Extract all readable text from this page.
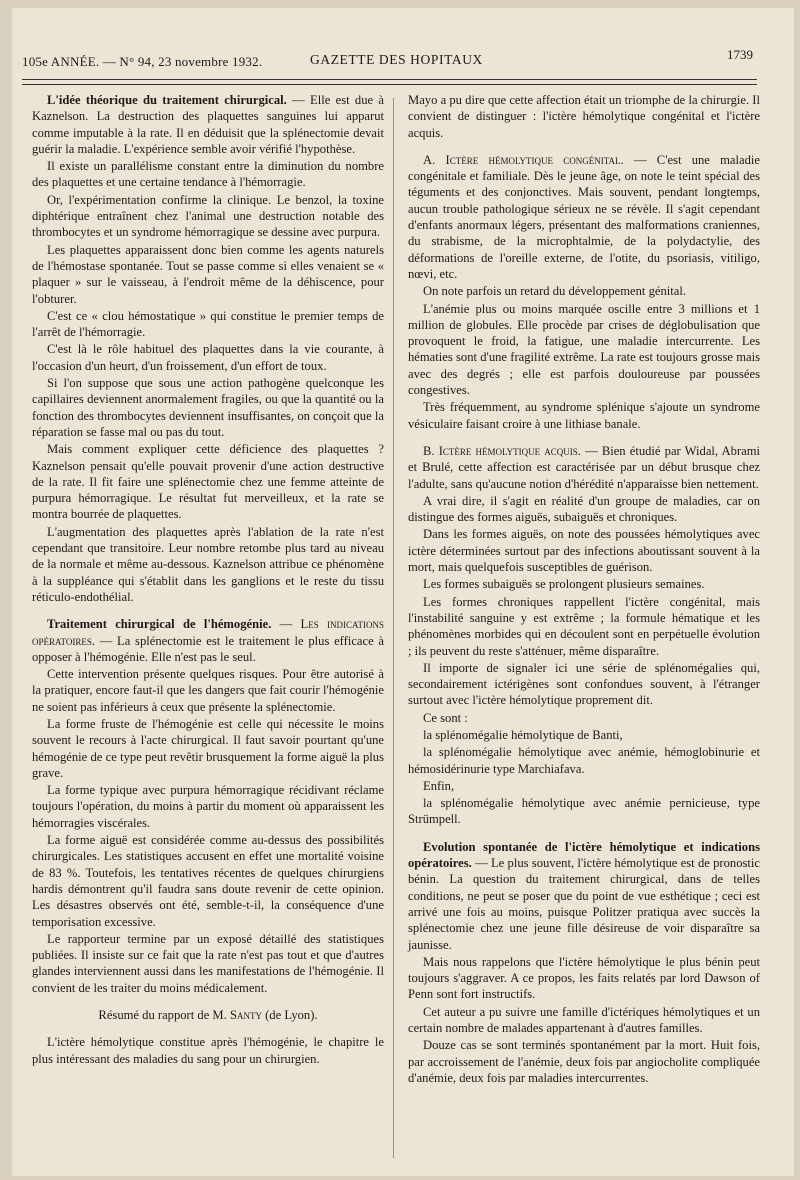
105e ANNÉE. — N° 94, 23 novembre 1932.	GAZETTE DES HOPITAUX	1739

L'idée théorique du traitement chirurgical. — Elle est due à Kaznelson. La destruction des plaquettes sanguines lui apparut comme imputable à la rate. Il en déduisit que la splénectomie devait guérir la maladie. L'expérience semble avoir vérifié l'hypothèse.

Il existe un parallélisme constant entre la diminution du nombre des plaquettes et une certaine tendance à l'hémorragie.

Or, l'expérimentation confirme la clinique. Le benzol, la toxine diphtérique entraînent chez l'animal une destruction notable des thrombocytes et un syndrome hémorragique se dessine avec purpura.

Les plaquettes apparaissent donc bien comme les agents naturels de l'hémostase spontanée. Tout se passe comme si elles venaient se « plaquer » sur le vaisseau, à l'endroit même de la déhiscence, pour l'obturer.

C'est ce « clou hémostatique » qui constitue le premier temps de l'arrêt de l'hémorragie.

C'est là le rôle habituel des plaquettes dans la vie courante, à l'occasion d'un heurt, d'un froissement, d'un effort de toux.

Si l'on suppose que sous une action pathogène quelconque les capillaires deviennent anormalement fragiles, ou que la quantité ou la fonction des thrombocytes deviennent insuffisantes, on conçoit que la réparation se fasse mal ou pas du tout.

Mais comment expliquer cette déficience des plaquettes ? Kaznelson pensait qu'elle pouvait provenir d'une action destructive de la rate. Il fit faire une splénectomie chez une femme atteinte de purpura hémorragique. Le résultat fut merveilleux, et la rate se montra bourrée de plaquettes.

L'augmentation des plaquettes après l'ablation de la rate n'est cependant que transitoire. Leur nombre retombe plus tard au niveau de la normale et même au-dessous. Kaznelson attribue ce phénomène à la suppléance qui s'établit dans les ganglions et le reste du tissu réticulo-endothélial.

Traitement chirurgical de l'hémogénie. — Les indications opératoires. — La splénectomie est le traitement le plus efficace à opposer à l'hémogénie. Elle n'est pas le seul.

Cette intervention présente quelques risques. Pour être autorisé à la pratiquer, encore faut-il que les dangers que fait courir l'hémogénie ne soient pas inférieurs à ceux que présente la splénectomie.

La forme fruste de l'hémogénie est celle qui nécessite le moins souvent le recours à l'acte chirurgical. Il faut savoir pourtant qu'une hémogénie de ce type peut revêtir brusquement la forme aiguë la plus grave.

La forme typique avec purpura hémorragique récidivant réclame toujours l'opération, du moins à partir du moment où apparaissent les hémorragies viscérales.

La forme aiguë est considérée comme au-dessus des possibilités chirurgicales. Les statistiques accusent en effet une mortalité voisine de 83 %. Toutefois, les tentatives récentes de quelques chirurgiens hardis démontrent qu'il faudra sans doute revenir de cette opinion. Les désastres observés ont été, semble-t-il, la conséquence d'une temporisation excessive.

Le rapporteur termine par un exposé détaillé des statistiques publiées. Il insiste sur ce fait que la rate n'est pas tout et que d'autres glandes interviennent aussi dans les manifestations de l'hémogénie. Il convient de les traiter du moins médicalement.

Résumé du rapport de M. Santy (de Lyon).

L'ictère hémolytique constitue après l'hémogénie, le chapitre le plus intéressant des maladies du sang pour un chirurgien.

Mayo a pu dire que cette affection était un triomphe de la chirurgie. Il convient de distinguer : l'ictère hémolytique congénital et l'ictère acquis.

A. Ictère hémolytique congénital. — C'est une maladie congénitale et familiale. Dès le jeune âge, on note le teint spécial des téguments et des conjonctives. Mais souvent, pendant longtemps, aucun trouble pathologique sérieux ne se révèle. Il s'agit cependant d'enfants anormaux légers, présentant des malformations craniennes, du strabisme, de la microphtalmie, de la polydactylie, des déformations de l'oreille externe, de l'otite, du psoriasis, vitiligo, nœvi, etc.

On note parfois un retard du développement génital.

L'anémie plus ou moins marquée oscille entre 3 millions et 1 million de globules. Elle procède par crises de déglobulisation que provoquent le froid, la fatigue, une maladie intercurrente. Les hématies sont d'une fragilité extrême. La rate est toujours grosse mais avec des degrés ; elle est parfois douloureuse par poussées congestives.

Très fréquemment, au syndrome splénique s'ajoute un syndrome vésiculaire faisant croire à une lithiase banale.

B. Ictère hémolytique acquis. — Bien étudié par Widal, Abrami et Brulé, cette affection est caractérisée par un début brusque chez l'adulte, sans qu'aucune notion d'hérédité n'apparaisse bien nettement.

A vrai dire, il s'agit en réalité d'un groupe de maladies, car on distingue des formes aiguës, subaiguës et chroniques.

Dans les formes aiguës, on note des poussées hémolytiques avec ictère déterminées surtout par des infections aboutissant souvent à la mort, mais quelquefois susceptibles de guérison.

Les formes subaiguës se prolongent plusieurs semaines.

Les formes chroniques rappellent l'ictère congénital, mais l'instabilité sanguine y est extrême ; la formule hématique et les phénomènes morbides qui en découlent sont en perpétuelle évolution ; ils peuvent du reste s'atténuer, même disparaître.

Il importe de signaler ici une série de splénomégalies qui, secondairement ictérigènes sont confondues souvent, à l'étranger surtout avec l'ictère hémolytique proprement dit.

Ce sont :

la splénomégalie hémolytique de Banti,

la splénomégalie hémolytique avec anémie, hémoglobinurie et hémosidérinurie type Marchiafava.

Enfin,

la splénomégalie hémolytique avec anémie pernicieuse, type Strümpell.

Evolution spontanée de l'ictère hémolytique et indications opératoires. — Le plus souvent, l'ictère hémolytique est de pronostic bénin. La question du traitement chirurgical, dans de telles conditions, ne peut se poser que du point de vue esthétique ; ceci est arrivé une fois au moins, puisque Politzer pratiqua avec succès la splénectomie chez une jeune fille désireuse de voir disparaître sa jaunisse.

Mais nous rappelons que l'ictère hémolytique le plus bénin peut toujours s'aggraver. A ce propos, les faits relatés par lord Dawson of Penn sont fort instructifs.

Cet auteur a pu suivre une famille d'ictériques hémolytiques et un certain nombre de malades appartenant à d'autres familles.

Douze cas se sont terminés spontanément par la mort. Huit fois, par accroissement de l'anémie, deux fois par angiocholite compliquée d'anémie, deux fois par maladies intercurrentes.
